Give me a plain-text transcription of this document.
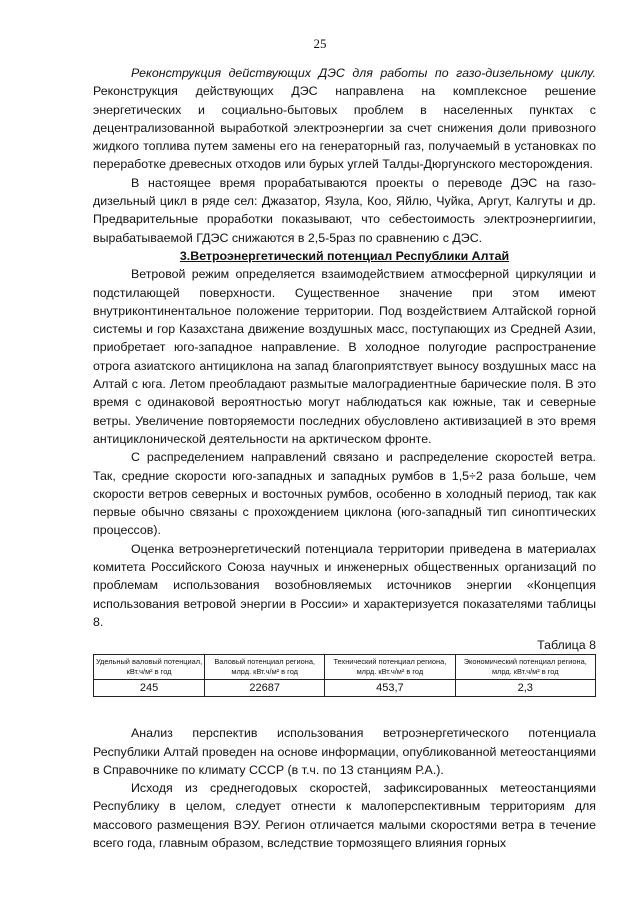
25

Реконструкция действующих ДЭС для работы по газо-дизельному циклу. Реконструкция действующих ДЭС направлена на комплексное решение энергетических и социально-бытовых проблем в населенных пунктах с децентрализованной выработкой электроэнергии за счет снижения доли привозного жидкого топлива путем замены его на генераторный газ, получаемый в установках по переработке древесных отходов или бурых углей Талды-Дюргунского месторождения.

В настоящее время прорабатываются проекты о переводе ДЭС на газо-дизельный цикл в ряде сел: Джазатор, Язула, Коо, Яйлю, Чуйка, Аргут, Калгуты и др. Предварительные проработки показывают, что себестоимость электроэнергиигии, вырабатываемой ГДЭС снижаются в 2,5-5раз по сравнению с ДЭС.

3.Ветроэнергетический потенциал Республики Алтай

Ветровой режим определяется взаимодействием атмосферной циркуляции и подстилающей поверхности. Существенное значение при этом имеют внутриконтинентальное положение территории. Под воздействием Алтайской горной системы и гор Казахстана движение воздушных масс, поступающих из Средней Азии, приобретает юго-западное направление. В холодное полугодие распространение отрога азиатского антициклона на запад благоприятствует выносу воздушных масс на Алтай с юга. Летом преобладают размытые малоградиентные барические поля. В это время с одинаковой вероятностью могут наблюдаться как южные, так и северные ветры. Увеличение повторяемости последних обусловлено активизацией в это время антициклонической деятельности на арктическом фронте.

С распределением направлений связано и распределение скоростей ветра. Так, средние скорости юго-западных и западных румбов в 1,5÷2 раза больше, чем скорости ветров северных и восточных румбов, особенно в холодный период, так как первые обычно связаны с прохождением циклона (юго-западный тип синоптических процессов).

Оценка ветроэнергетический потенциала территории приведена в материалах комитета Российского Союза научных и инженерных общественных организаций по проблемам использования возобновляемых источников энергии «Концепция использования ветровой энергии в России» и характеризуется показателями таблицы 8.

Таблица 8
Удельный валовый потенциал, кВт.ч/м² в год	Валовый потенциал региона, млрд. кВт.ч/м² в год	Технический потенциал региона, млрд. кВт.ч/м² в год	Экономический потенциал региона, млрд. кВт.ч/м² в год
245	22687	453,7	2,3

Анализ перспектив использования ветроэнергетического потенциала Республики Алтай проведен на основе информации, опубликованной метеостанциями в Справочнике по климату СССР (в т.ч. по 13 станциям Р.А.).

Исходя из среднегодовых скоростей, зафиксированных метеостанциями Республику в целом, следует отнести к малоперспективным территориям для массового размещения ВЭУ. Регион отличается малыми скоростями ветра в течение всего года, главным образом, вследствие тормозящего влияния горных
